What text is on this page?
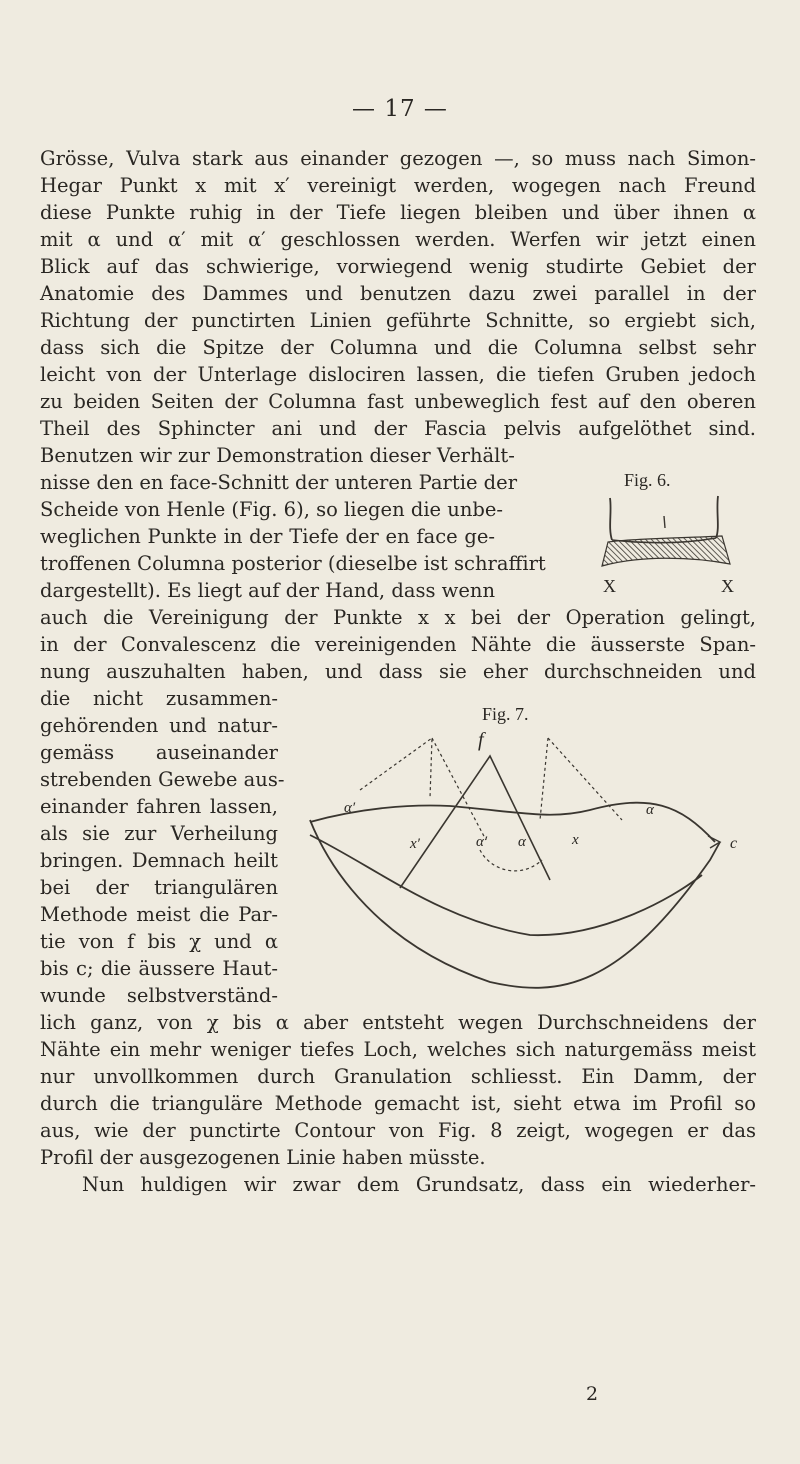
— 17 —
Grösse, Vulva stark aus einander gezogen —, so muss nach Simon-
Hegar Punkt x mit x′ vereinigt werden, wogegen nach Freund
diese Punkte ruhig in der Tiefe liegen bleiben und über ihnen α
mit α und α′ mit α′ geschlossen werden. Werfen wir jetzt einen
Blick auf das schwierige, vorwiegend wenig studirte Gebiet der
Anatomie des Dammes und benutzen dazu zwei parallel in der
Richtung der punctirten Linien geführte Schnitte, so ergiebt sich,
dass sich die Spitze der Columna und die Columna selbst sehr
leicht von der Unterlage dislociren lassen, die tiefen Gruben jedoch
zu beiden Seiten der Columna fast unbeweglich fest auf den oberen
Theil des Sphincter ani und der Fascia pelvis aufgelöthet sind.
Benutzen wir zur Demonstration dieser Verhält-
nisse den en face-Schnitt der unteren Partie der
Scheide von Henle (Fig. 6), so liegen die unbe-
weglichen Punkte in der Tiefe der en face ge-
troffenen Columna posterior (dieselbe ist schraffirt
dargestellt). Es liegt auf der Hand, dass wenn
Fig. 6.
X	X
auch die Vereinigung der Punkte x x bei der Operation gelingt,
in der Convalescenz die vereinigenden Nähte die äusserste Span-
nung auszuhalten haben, und dass sie eher durchschneiden und
die nicht zusammen-
gehörenden und natur-
gemäss auseinander
strebenden Gewebe aus-
einander fahren lassen,
als sie zur Verheilung
bringen. Demnach heilt
bei der triangulären
Methode meist die Par-
tie von f bis χ und α
bis c; die äussere Haut-
wunde selbstverständ-
Fig. 7.
f
c
α′
x′	α′ α	x
α
lich ganz, von χ bis α aber entsteht wegen Durchschneidens der
Nähte ein mehr weniger tiefes Loch, welches sich naturgemäss meist
nur unvollkommen durch Granulation schliesst. Ein Damm, der
durch die trianguläre Methode gemacht ist, sieht etwa im Profil so
aus, wie der punctirte Contour von Fig. 8 zeigt, wogegen er das
Profil der ausgezogenen Linie haben müsste.
Nun huldigen wir zwar dem Grundsatz, dass ein wiederher-
2
